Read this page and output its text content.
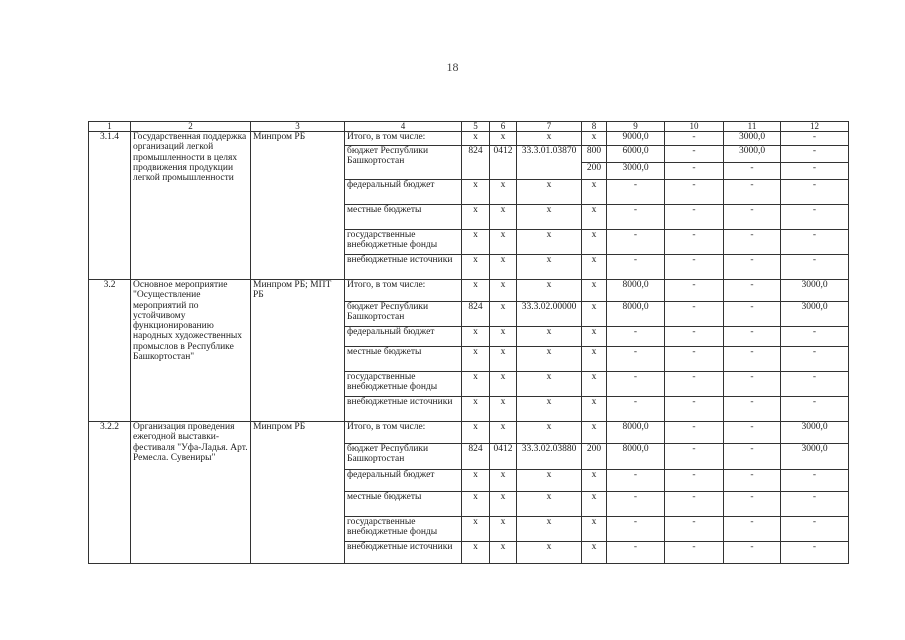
18
1	2	3	4	5	6	7	8	9	10	11	12
3.1.4	Государственная поддержка организаций легкой промышленности в целях продвижения продукции легкой промышленности	Минпром РБ	Итого, в том числе:	х	х	х	х	9000,0	-	3000,0	-
			бюджет Республики Башкортостан	824	0412	33.3.01.03870	800	6000,0	-	3000,0	-
							200	3000,0	-	-	-
			федеральный бюджет	х	х	х	х	-	-	-	-
			местные бюджеты	х	х	х	х	-	-	-	-
			государственные внебюджетные фонды	х	х	х	х	-	-	-	-
			внебюджетные источники	х	х	х	х	-	-	-	-
3.2	Основное мероприятие "Осуществление мероприятий по устойчивому функционированию народных художественных промыслов в Республике Башкортостан"	Минпром РБ; МПТ РБ	Итого, в том числе:	х	х	х	х	8000,0	-	-	3000,0
			бюджет Республики Башкортостан	824	х	33.3.02.00000	х	8000,0	-	-	3000,0
			федеральный бюджет	х	х	х	х	-	-	-	-
			местные бюджеты	х	х	х	х	-	-	-	-
			государственные внебюджетные фонды	х	х	х	х	-	-	-	-
			внебюджетные источники	х	х	х	х	-	-	-	-
3.2.2	Организация проведения ежегодной выставки-фестиваля "Уфа-Ладья. Арт. Ремесла. Сувениры"	Минпром РБ	Итого, в том числе:	х	х	х	х	8000,0	-	-	3000,0
			бюджет Республики Башкортостан	824	0412	33.3.02.03880	200	8000,0	-	-	3000,0
			федеральный бюджет	х	х	х	х	-	-	-	-
			местные бюджеты	х	х	х	х	-	-	-	-
			государственные внебюджетные фонды	х	х	х	х	-	-	-	-
			внебюджетные источники	х	х	х	х	-	-	-	-
